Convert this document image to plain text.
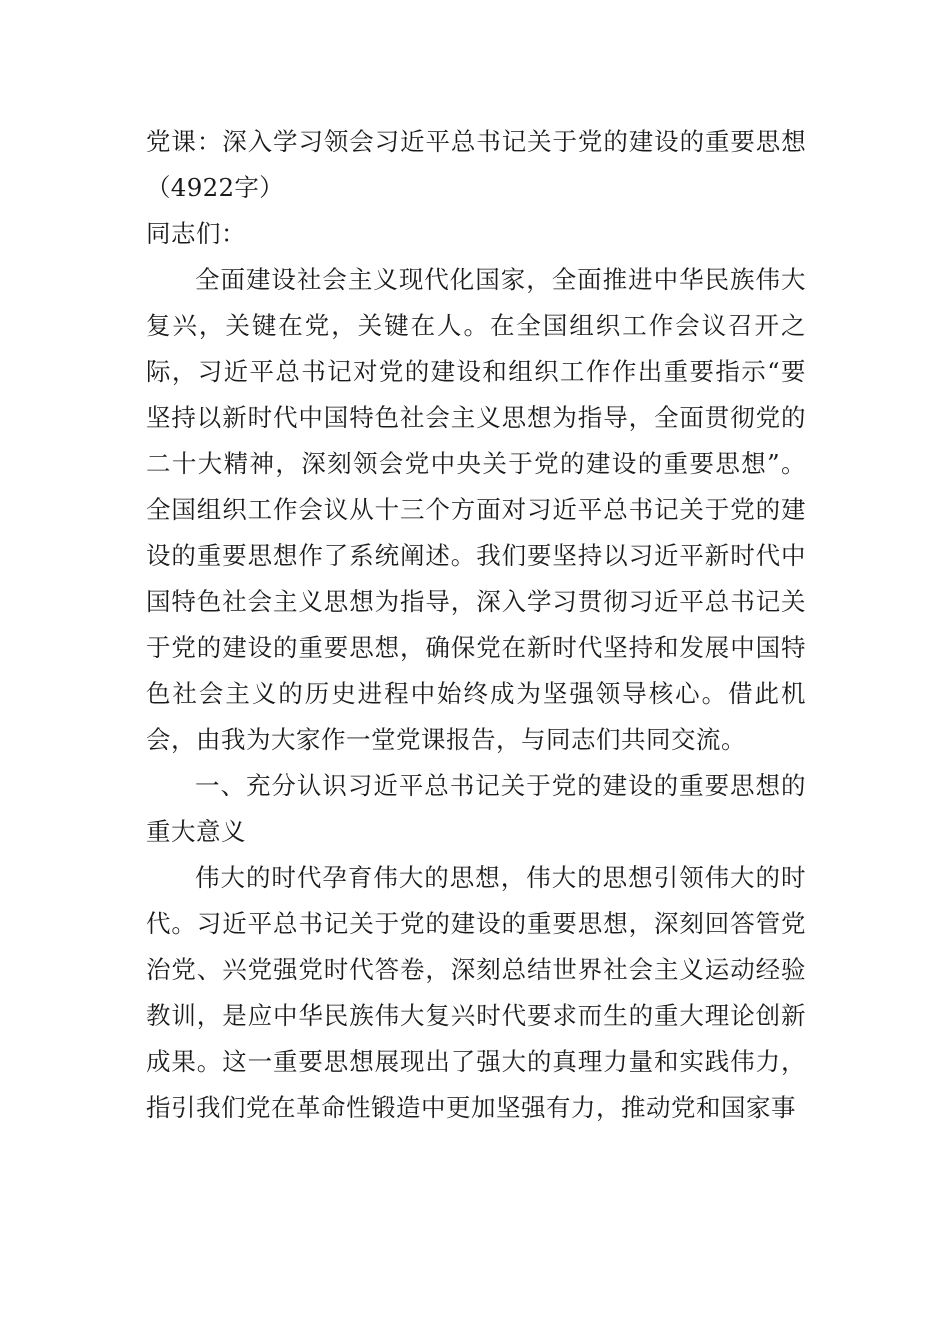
党课：深入学习领会习近平总书记关于党的建设的重要思想（4922字）

同志们：

全面建设社会主义现代化国家，全面推进中华民族伟大复兴，关键在党，关键在人。在全国组织工作会议召开之际，习近平总书记对党的建设和组织工作作出重要指示“要坚持以新时代中国特色社会主义思想为指导，全面贯彻党的二十大精神，深刻领会党中央关于党的建设的重要思想”。全国组织工作会议从十三个方面对习近平总书记关于党的建设的重要思想作了系统阐述。我们要坚持以习近平新时代中国特色社会主义思想为指导，深入学习贯彻习近平总书记关于党的建设的重要思想，确保党在新时代坚持和发展中国特色社会主义的历史进程中始终成为坚强领导核心。借此机会，由我为大家作一堂党课报告，与同志们共同交流。

一、充分认识习近平总书记关于党的建设的重要思想的重大意义

伟大的时代孕育伟大的思想，伟大的思想引领伟大的时代。习近平总书记关于党的建设的重要思想，深刻回答管党治党、兴党强党时代答卷，深刻总结世界社会主义运动经验教训，是应中华民族伟大复兴时代要求而生的重大理论创新成果。这一重要思想展现出了强大的真理力量和实践伟力，指引我们党在革命性锻造中更加坚强有力，推动党和国家事
